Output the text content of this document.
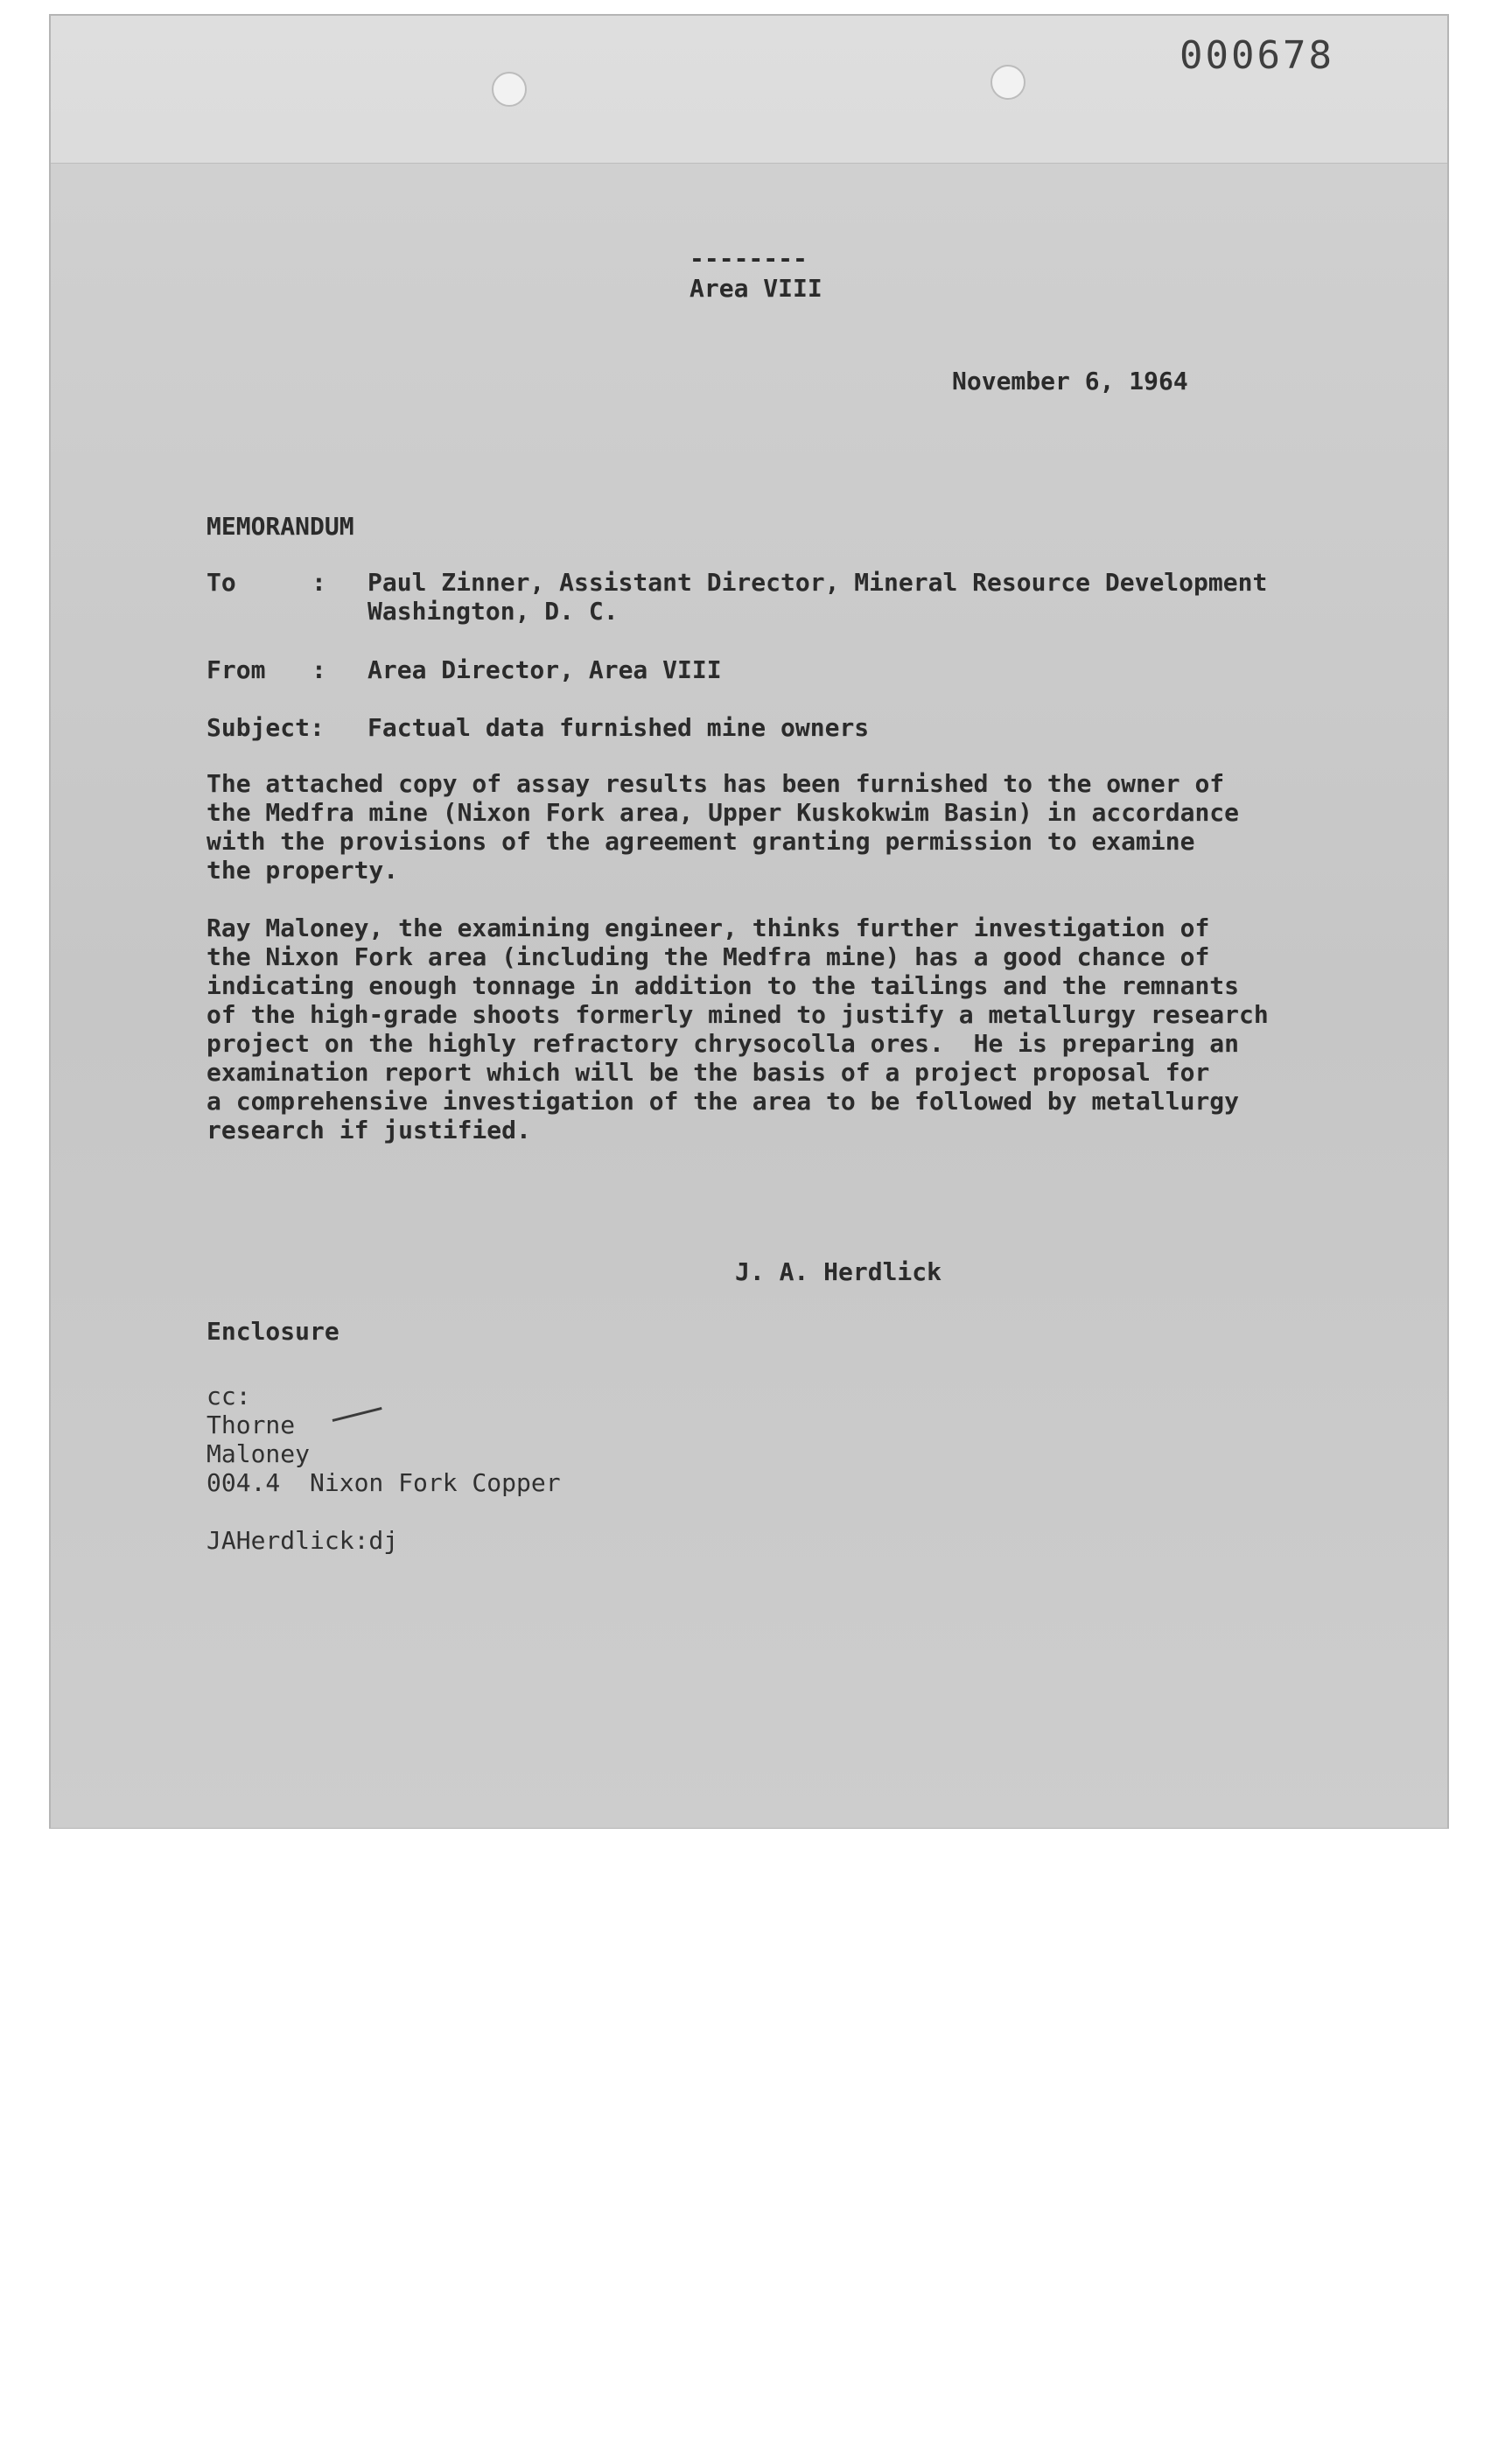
000678
--------
Area VIII
November 6, 1964
MEMORANDUM
To	: Paul Zinner, Assistant Director, Mineral Resource Development
Washington, D. C.
From : Area Director, Area VIII
Subject: Factual data furnished mine owners
The attached copy of assay results has been furnished to the owner of
the Medfra mine (Nixon Fork area, Upper Kuskokwim Basin) in accordance
with the provisions of the agreement granting permission to examine
the property.
Ray Maloney, the examining engineer, thinks further investigation of
the Nixon Fork area (including the Medfra mine) has a good chance of
indicating enough tonnage in addition to the tailings and the remnants
of the high-grade shoots formerly mined to justify a metallurgy research
project on the highly refractory chrysocolla ores.  He is preparing an
examination report which will be the basis of a project proposal for
a comprehensive investigation of the area to be followed by metallurgy
research if justified.
J. A. Herdlick
Enclosure
cc:
Thorne
Maloney
004.4  Nixon Fork Copper
JAHerdlick:dj
